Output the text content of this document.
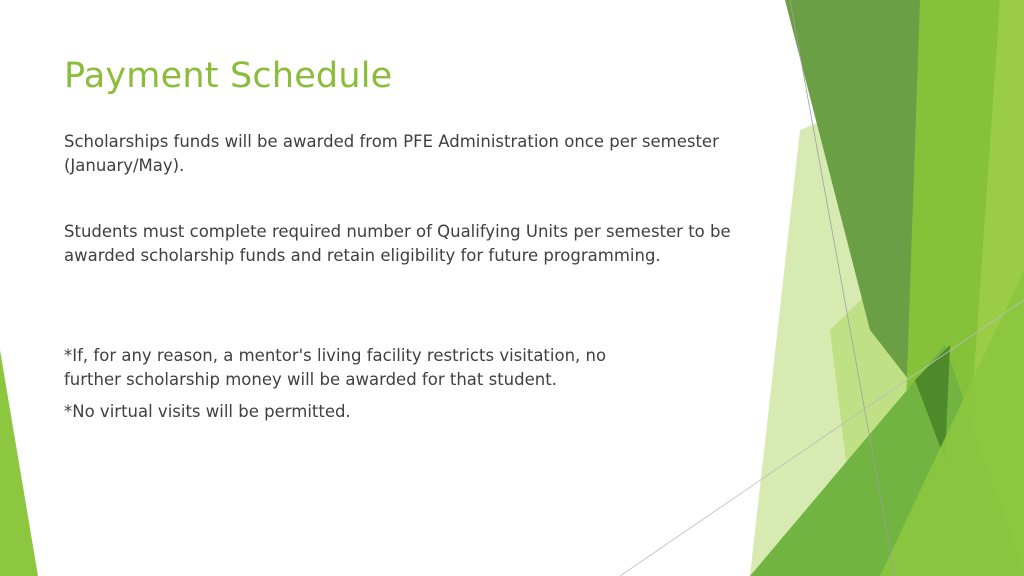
Payment Schedule

Scholarships funds will be awarded from PFE Administration once per semester (January/May).

Students must complete required number of Qualifying Units per semester to be awarded scholarship funds and retain eligibility for future programming.

*If, for any reason, a mentor's living facility restricts visitation, no further scholarship money will be awarded for that student.

*No virtual visits will be permitted.
